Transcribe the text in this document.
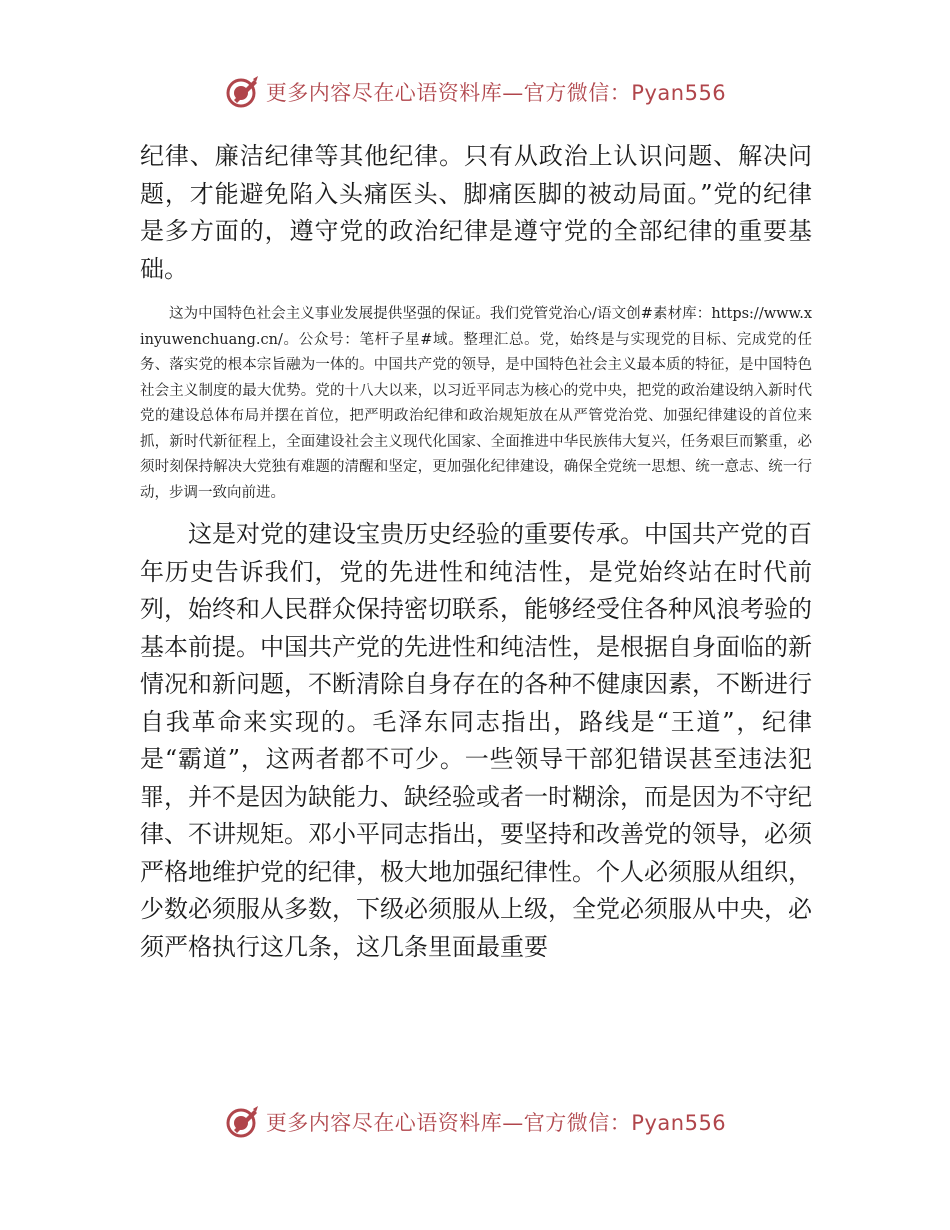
更多内容尽在心语资料库—官方微信：Pyan556

纪律、廉洁纪律等其他纪律。只有从政治上认识问题、解决问题，才能避免陷入头痛医头、脚痛医脚的被动局面。”党的纪律是多方面的，遵守党的政治纪律是遵守党的全部纪律的重要基础。

这为中国特色社会主义事业发展提供坚强的保证。我们党管党治心/语文创#素材库：https://www.xinyuwenchuang.cn/。公众号：笔杆子星#域。整理汇总。党，始终是与实现党的目标、完成党的任务、落实党的根本宗旨融为一体的。中国共产党的领导，是中国特色社会主义最本质的特征，是中国特色社会主义制度的最大优势。党的十八大以来，以习近平同志为核心的党中央，把党的政治建设纳入新时代党的建设总体布局并摆在首位，把严明政治纪律和政治规矩放在从严管党治党、加强纪律建设的首位来抓，新时代新征程上，全面建设社会主义现代化国家、全面推进中华民族伟大复兴，任务艰巨而繁重，必须时刻保持解决大党独有难题的清醒和坚定，更加强化纪律建设，确保全党统一思想、统一意志、统一行动，步调一致向前进。

这是对党的建设宝贵历史经验的重要传承。中国共产党的百年历史告诉我们，党的先进性和纯洁性，是党始终站在时代前列，始终和人民群众保持密切联系，能够经受住各种风浪考验的基本前提。中国共产党的先进性和纯洁性，是根据自身面临的新情况和新问题，不断清除自身存在的各种不健康因素，不断进行自我革命来实现的。毛泽东同志指出，路线是“王道”，纪律是“霸道”，这两者都不可少。一些领导干部犯错误甚至违法犯罪，并不是因为缺能力、缺经验或者一时糊涂，而是因为不守纪律、不讲规矩。邓小平同志指出，要坚持和改善党的领导，必须严格地维护党的纪律，极大地加强纪律性。个人必须服从组织，少数必须服从多数，下级必须服从上级，全党必须服从中央，必须严格执行这几条，这几条里面最重要

更多内容尽在心语资料库—官方微信：Pyan556
